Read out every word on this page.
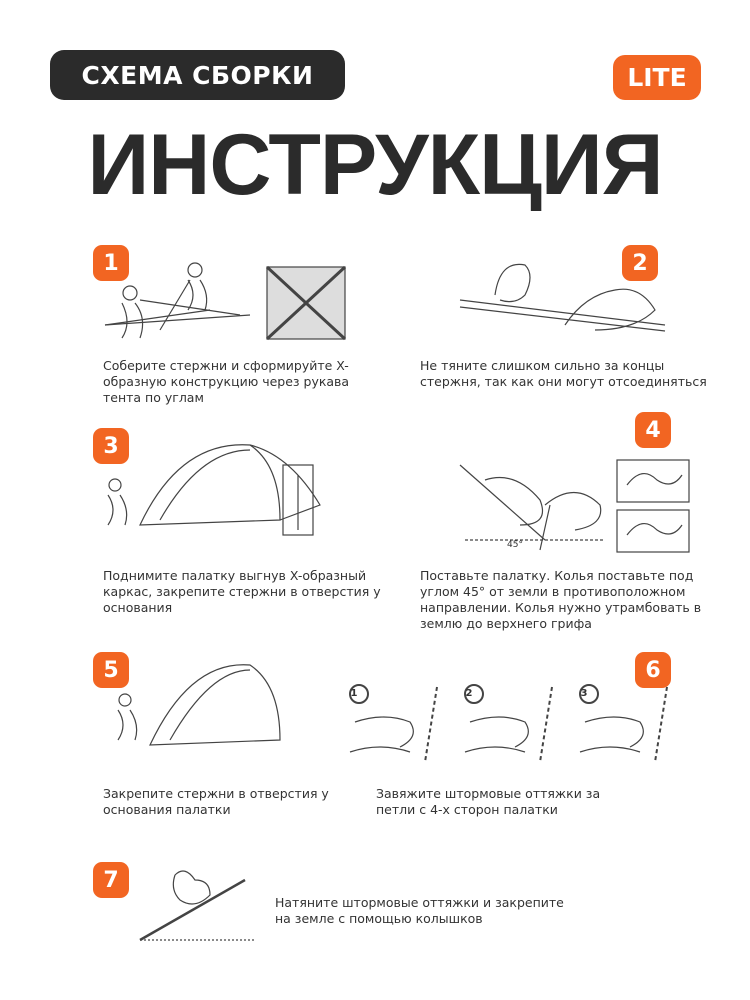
СХЕМА СБОРКИ	LITE
ИНСТРУКЦИЯ
1
Соберите стержни и сформируйте X-образную конструкцию через рукава тента по углам
2
Не тяните слишком сильно за концы стержня, так как они могут отсоединяться
3
Поднимите палатку выгнув X-образный каркас, закрепите стержни в отверстия у основания
4
45°
Поставьте палатку. Колья поставьте под углом 45° от земли в противоположном направлении. Колья нужно утрамбовать в землю до верхнего грифа
5
Закрепите стержни в отверстия у основания палатки
6
1	2	3
Завяжите штормовые оттяжки за петли с 4-х сторон палатки
7
Натяните штормовые оттяжки и закрепите на земле с помощью колышков
